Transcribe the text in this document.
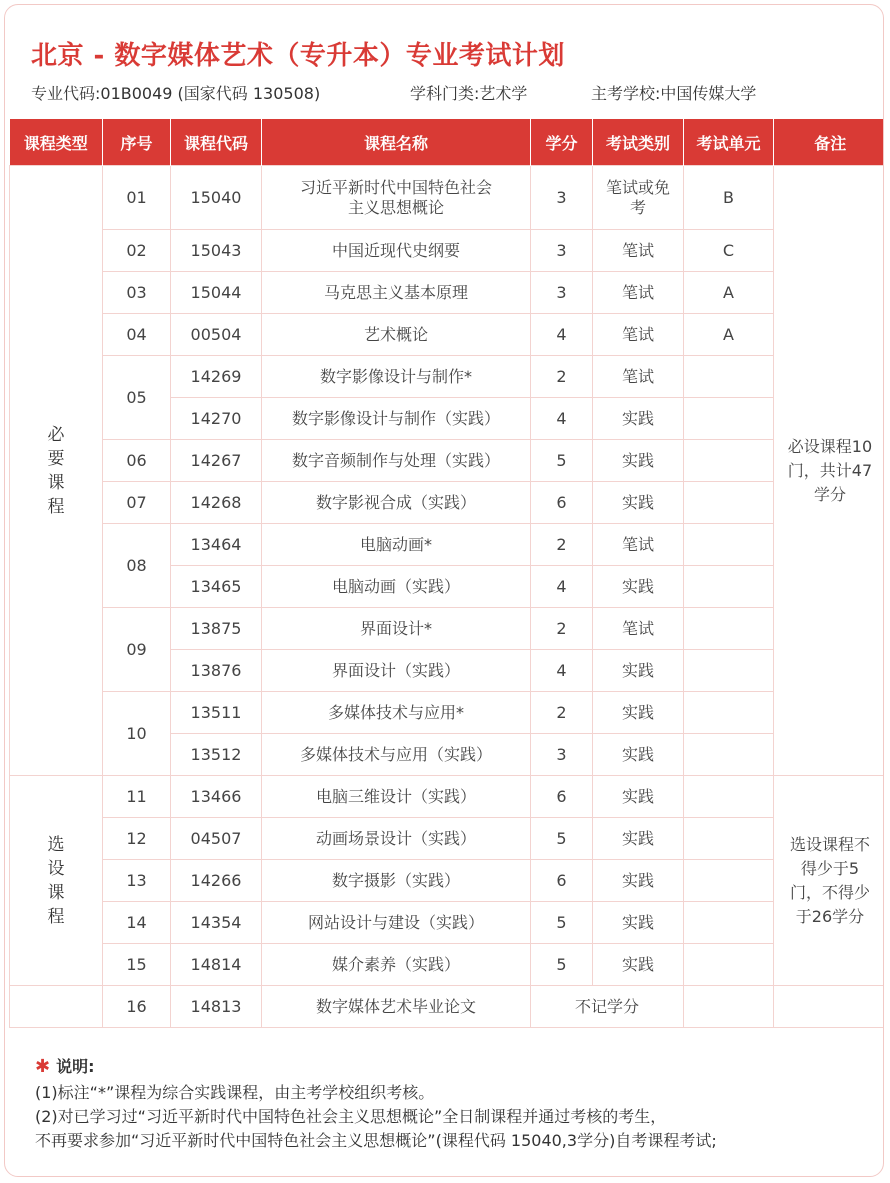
北京 - 数字媒体艺术（专升本）专业考试计划
专业代码:01B0049 (国家代码 130508)	学科门类:艺术学	主考学校:中国传媒大学
课程类型	序号	课程代码	课程名称	学分	考试类别	考试单元	备注
必要课程	01	15040	习近平新时代中国特色社会主义思想概论	3	笔试或免考	B	必设课程10门，共计47学分
	02	15043	中国近现代史纲要	3	笔试	C	
	03	15044	马克思主义基本原理	3	笔试	A	
	04	00504	艺术概论	4	笔试	A	
	05	14269	数字影像设计与制作*	2	笔试		
		14270	数字影像设计与制作（实践）	4	实践		
	06	14267	数字音频制作与处理（实践）	5	实践		
	07	14268	数字影视合成（实践）	6	实践		
	08	13464	电脑动画*	2	笔试		
		13465	电脑动画（实践）	4	实践		
	09	13875	界面设计*	2	笔试		
		13876	界面设计（实践）	4	实践		
	10	13511	多媒体技术与应用*	2	实践		
		13512	多媒体技术与应用（实践）	3	实践		
选设课程	11	13466	电脑三维设计（实践）	6	实践		选设课程不得少于5门，不得少于26学分
	12	04507	动画场景设计（实践）	5	实践		
	13	14266	数字摄影（实践）	6	实践		
	14	14354	网站设计与建设（实践）	5	实践		
	15	14814	媒介素养（实践）	5	实践		
	16	14813	数字媒体艺术毕业论文	不记学分			
✱ 说明:

(1)标注“*”课程为综合实践课程，由主考学校组织考核。

(2)对已学习过“习近平新时代中国特色社会主义思想概论”全日制课程并通过考核的考生，

不再要求参加“习近平新时代中国特色社会主义思想概论”(课程代码 15040,3学分)自考课程考试;
